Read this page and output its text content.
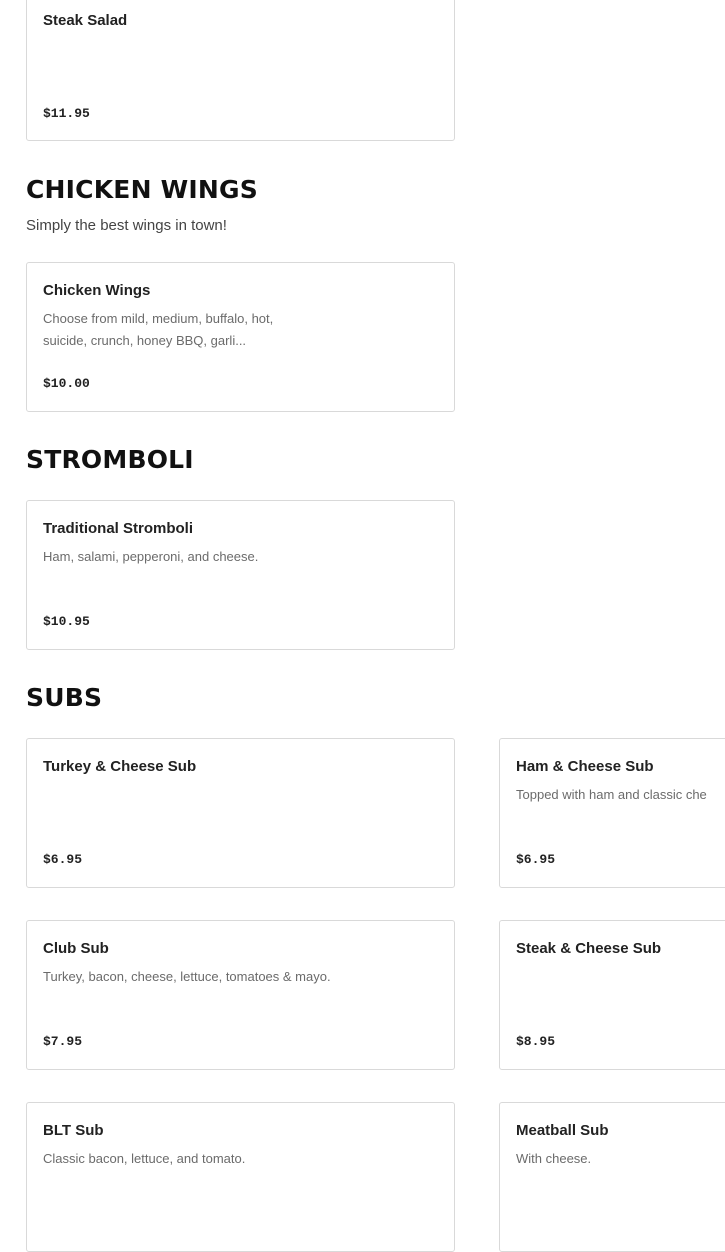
Steak Salad
$11.95
CHICKEN WINGS
Simply the best wings in town!
Chicken Wings
Choose from mild, medium, buffalo, hot, suicide, crunch, honey BBQ, garli...
$10.00
STROMBOLI
Traditional Stromboli
Ham, salami, pepperoni, and cheese.
$10.95
SUBS
Turkey & Cheese Sub
$6.95
Ham & Cheese Sub
Topped with ham and classic che
$6.95
Club Sub
Turkey, bacon, cheese, lettuce, tomatoes & mayo.
$7.95
Steak & Cheese Sub
$8.95
BLT Sub
Classic bacon, lettuce, and tomato.
Meatball Sub
With cheese.
